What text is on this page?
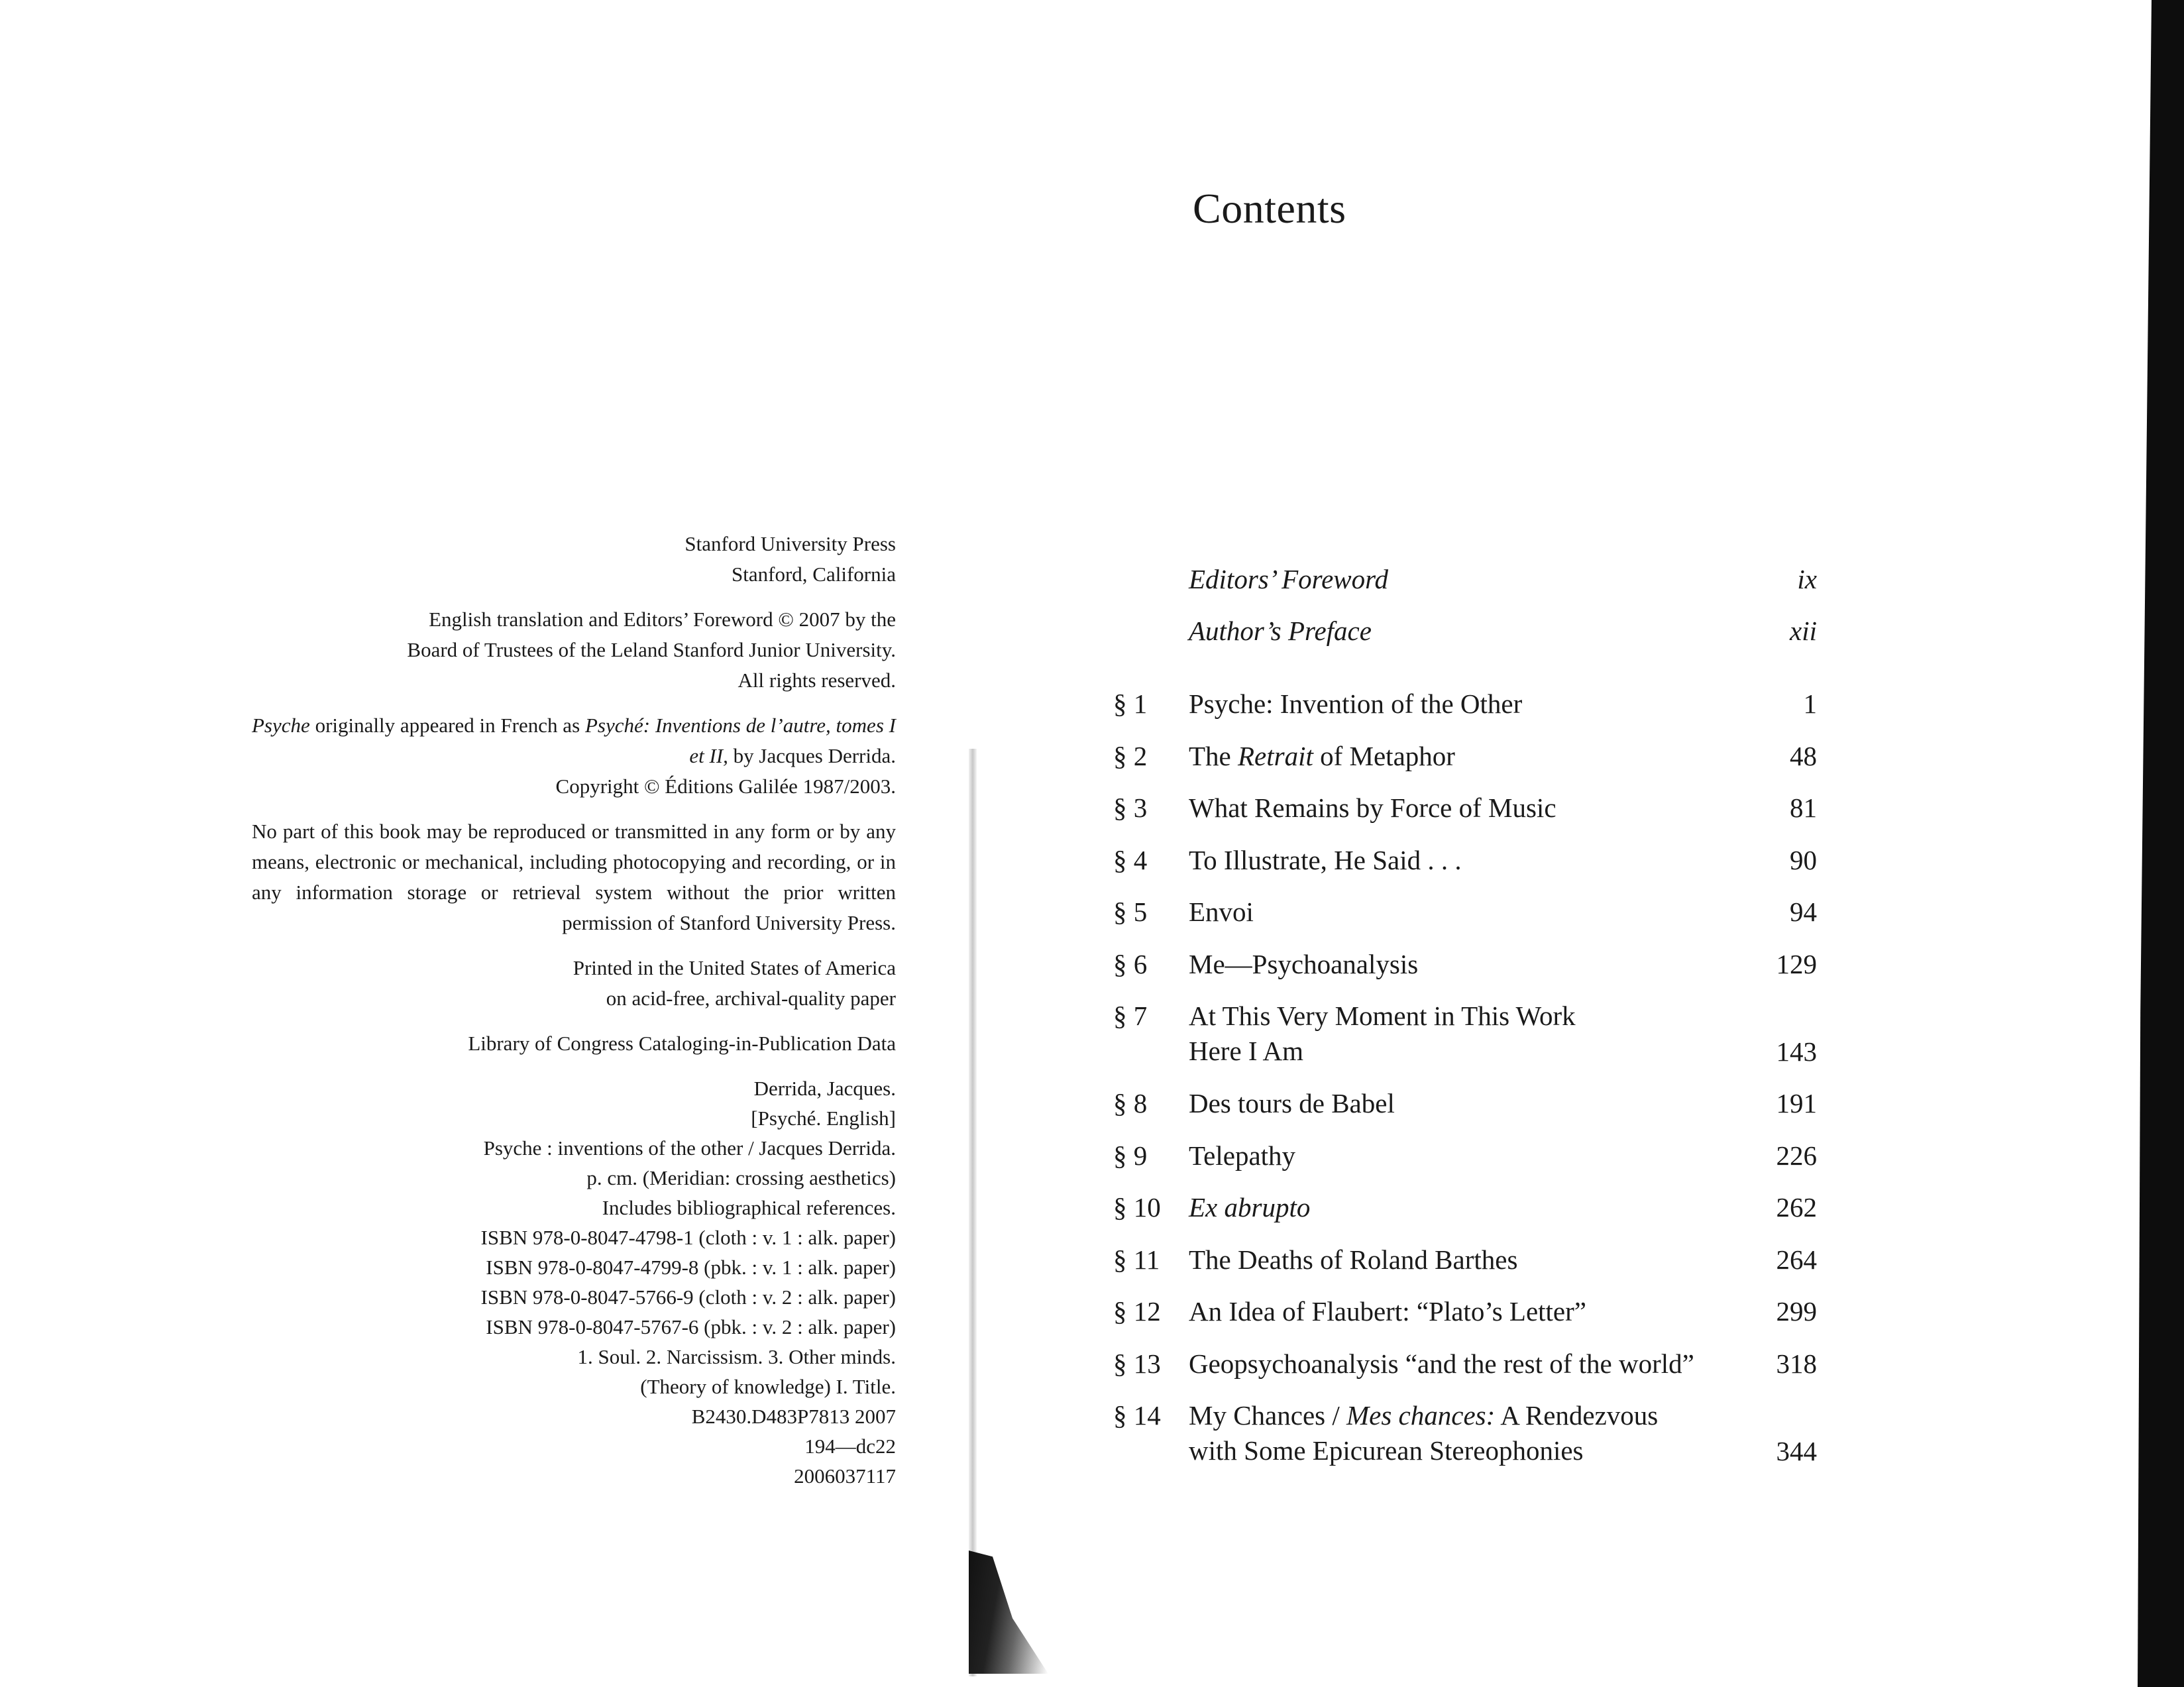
Stanford University Press
Stanford, California
English translation and Editors’ Foreword © 2007 by the
Board of Trustees of the Leland Stanford Junior University.
All rights reserved.
Psyche originally appeared in French as Psyché: Inventions de l’autre, tomes I et II, by Jacques Derrida.
Copyright © Éditions Galilée 1987/2003.
No part of this book may be reproduced or transmitted in any form or by any means, electronic or mechanical, including photocopying and recording, or in any information storage or retrieval system without the prior written permission of Stanford University Press.
Printed in the United States of America
on acid-free, archival-quality paper
Library of Congress Cataloging-in-Publication Data
Derrida, Jacques.
[Psyché. English]
Psyche : inventions of the other / Jacques Derrida.
p. cm. (Meridian: crossing aesthetics)
Includes bibliographical references.
ISBN 978-0-8047-4798-1 (cloth : v. 1 : alk. paper)
ISBN 978-0-8047-4799-8 (pbk. : v. 1 : alk. paper)
ISBN 978-0-8047-5766-9 (cloth : v. 2 : alk. paper)
ISBN 978-0-8047-5767-6 (pbk. : v. 2 : alk. paper)
1. Soul. 2. Narcissism. 3. Other minds.
(Theory of knowledge) I. Title.
B2430.D483P7813 2007
194—dc22
2006037117
Contents
Editors’ Foreword	ix
Author’s Preface	xii
§ 1	Psyche: Invention of the Other	1
§ 2	The Retrait of Metaphor	48
§ 3	What Remains by Force of Music	81
§ 4	To Illustrate, He Said . . .	90
§ 5	Envoi	94
§ 6	Me—Psychoanalysis	129
§ 7	At This Very Moment in This Work
Here I Am	143
§ 8	Des tours de Babel	191
§ 9	Telepathy	226
§ 10	Ex abrupto	262
§ 11	The Deaths of Roland Barthes	264
§ 12	An Idea of Flaubert: “Plato’s Letter”	299
§ 13	Geopsychoanalysis “and the rest of the world”	318
§ 14	My Chances / Mes chances: A Rendezvous
with Some Epicurean Stereophonies	344
